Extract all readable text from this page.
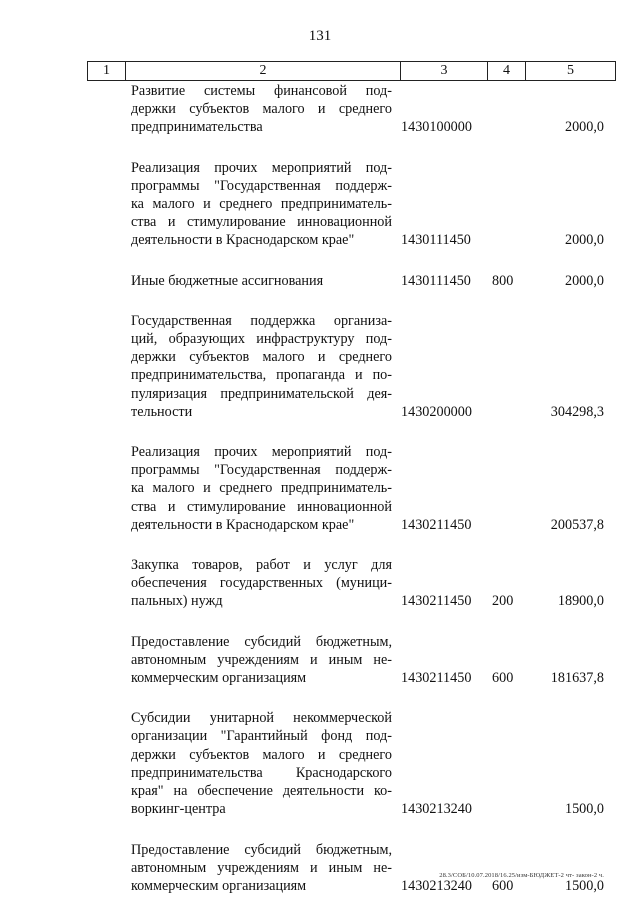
131
1	2	3	4	5
Развитие системы финансовой под-
держки субъектов малого и среднего
предпринимательства	1430100000	2000,0
Реализация прочих мероприятий под-
программы "Государственная поддерж-
ка малого и среднего предприниматель-
ства и стимулирование инновационной
деятельности в Краснодарском крае"	1430111450	2000,0
Иные бюджетные ассигнования	1430111450 800	2000,0
Государственная поддержка организа-
ций, образующих инфраструктуру под-
держки субъектов малого и среднего
предпринимательства, пропаганда и по-
пуляризация предпринимательской дея-
тельности	1430200000	304298,3
Реализация прочих мероприятий под-
программы "Государственная поддерж-
ка малого и среднего предприниматель-
ства и стимулирование инновационной
деятельности в Краснодарском крае"	1430211450	200537,8
Закупка товаров, работ и услуг для
обеспечения государственных (муници-
пальных) нужд	1430211450 200	18900,0
Предоставление субсидий бюджетным,
автономным учреждениям и иным не-
коммерческим организациям	1430211450 600	181637,8
Субсидии унитарной некоммерческой
организации "Гарантийный фонд под-
держки субъектов малого и среднего
предпринимательства Краснодарского
края" на обеспечение деятельности ко-
воркинг-центра	1430213240	1500,0
Предоставление субсидий бюджетным,
автономным учреждениям и иным не-
коммерческим организациям	1430213240 600	1500,0
28.3/СОБ/10.07.2018/16.25/изм-БЮДЖЕТ-2 чт- закон-2 ч.
